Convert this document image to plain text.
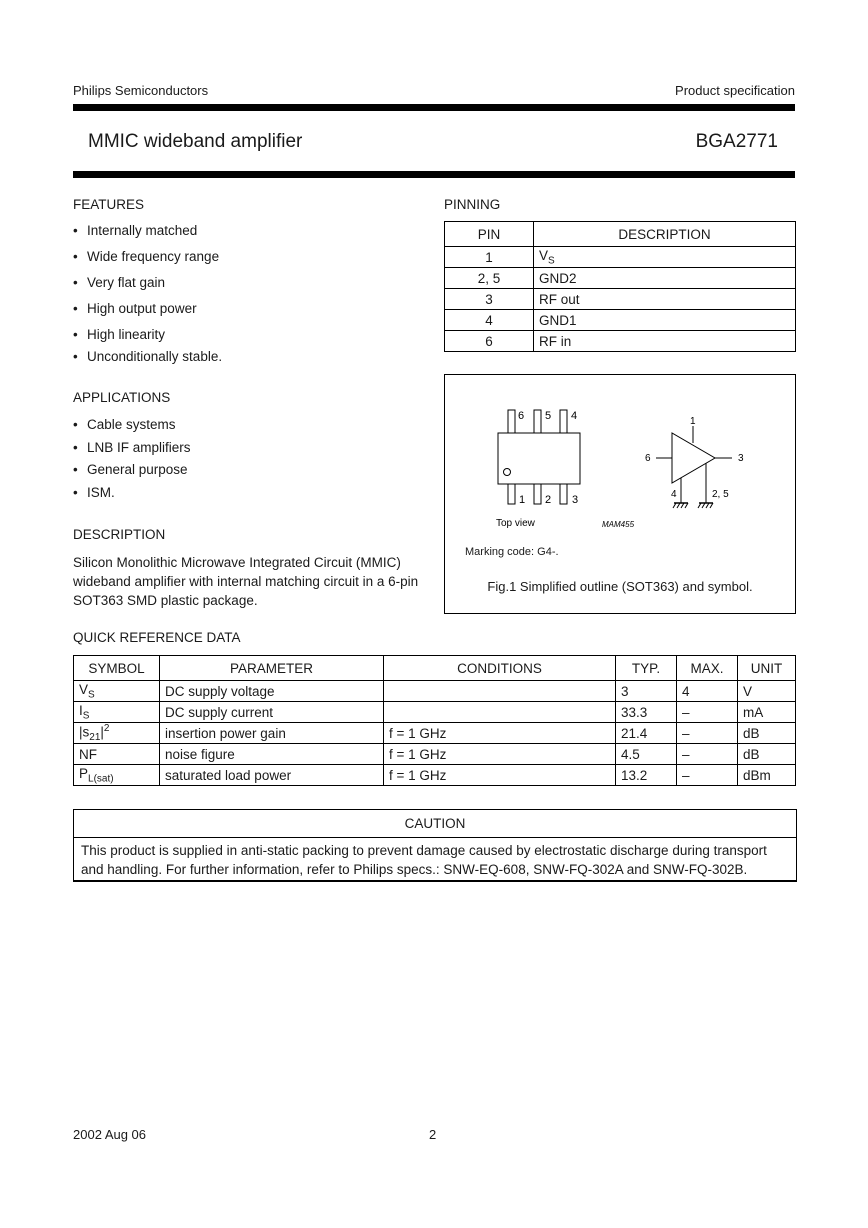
Philips Semiconductors	Product specification
MMIC wideband amplifier	BGA2771
FEATURES
• Internally matched
• Wide frequency range
• Very flat gain
• High output power
• High linearity
• Unconditionally stable.
APPLICATIONS
• Cable systems
• LNB IF amplifiers
• General purpose
• ISM.
DESCRIPTION
Silicon Monolithic Microwave Integrated Circuit (MMIC) wideband amplifier with internal matching circuit in a 6-pin SOT363 SMD plastic package.
PINNING
PIN	DESCRIPTION
1	$V_S$
2, 5	GND2
3	RF out
4	GND1
6	RF in
6 5 4
1 2 3
Top view	MAM455
1
6	3
4	2, 5
Marking code: G4-.
Fig.1 Simplified outline (SOT363) and symbol.
QUICK REFERENCE DATA
SYMBOL	PARAMETER	CONDITIONS	TYP.	MAX.	UNIT
$V_S$	DC supply voltage		3	4	V
$I_S$	DC supply current		33.3	–	mA
$|s_{21}|^2$	insertion power gain	f = 1 GHz	21.4	–	dB
NF	noise figure	f = 1 GHz	4.5	–	dB
$P_{L(sat)}$	saturated load power	f = 1 GHz	13.2	–	dBm
CAUTION
This product is supplied in anti-static packing to prevent damage caused by electrostatic discharge during transport and handling. For further information, refer to Philips specs.: SNW-EQ-608, SNW-FQ-302A and SNW-FQ-302B.
2002 Aug 06	2
